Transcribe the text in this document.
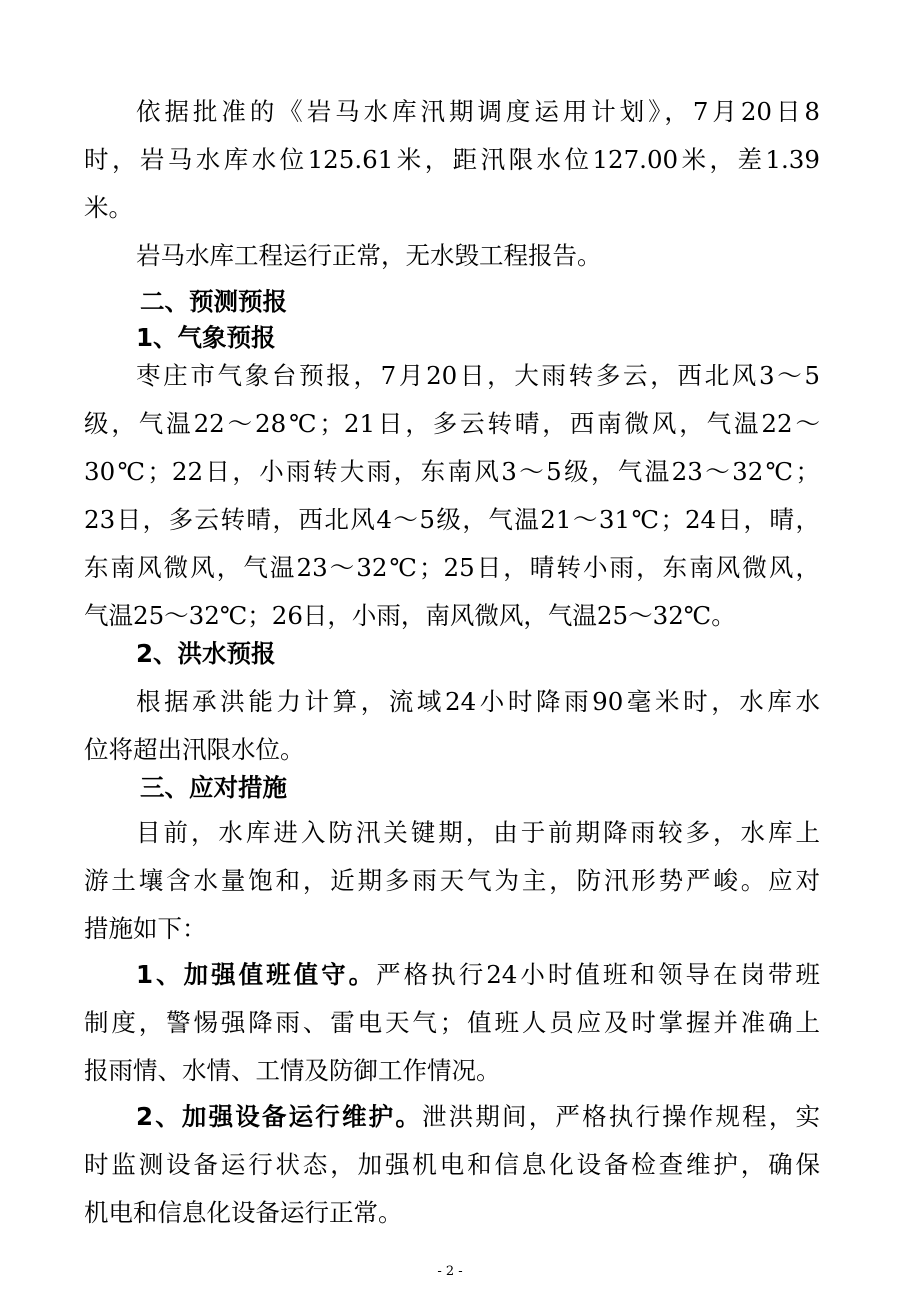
依据批准的《岩马水库汛期调度运用计划》，7月20日8
时，岩马水库水位125.61米，距汛限水位127.00米，差1.39
米。
岩马水库工程运行正常，无水毁工程报告。
二、预测预报
1、气象预报
枣庄市气象台预报，7月20日，大雨转多云，西北风3～5
级，气温22～28℃；21日，多云转晴，西南微风，气温22～
30℃；22日，小雨转大雨，东南风3～5级，气温23～32℃；
23日，多云转晴，西北风4～5级，气温21～31℃；24日，晴，
东南风微风，气温23～32℃；25日，晴转小雨，东南风微风，
气温25～32℃；26日，小雨，南风微风，气温25～32℃。
2、洪水预报
根据承洪能力计算，流域24小时降雨90毫米时，水库水
位将超出汛限水位。
三、应对措施
目前，水库进入防汛关键期，由于前期降雨较多，水库上
游土壤含水量饱和，近期多雨天气为主，防汛形势严峻。应对
措施如下：
1、加强值班值守。严格执行24小时值班和领导在岗带班
制度，警惕强降雨、雷电天气；值班人员应及时掌握并准确上
报雨情、水情、工情及防御工作情况。
2、加强设备运行维护。泄洪期间，严格执行操作规程，实
时监测设备运行状态，加强机电和信息化设备检查维护，确保
机电和信息化设备运行正常。
- 2 -
